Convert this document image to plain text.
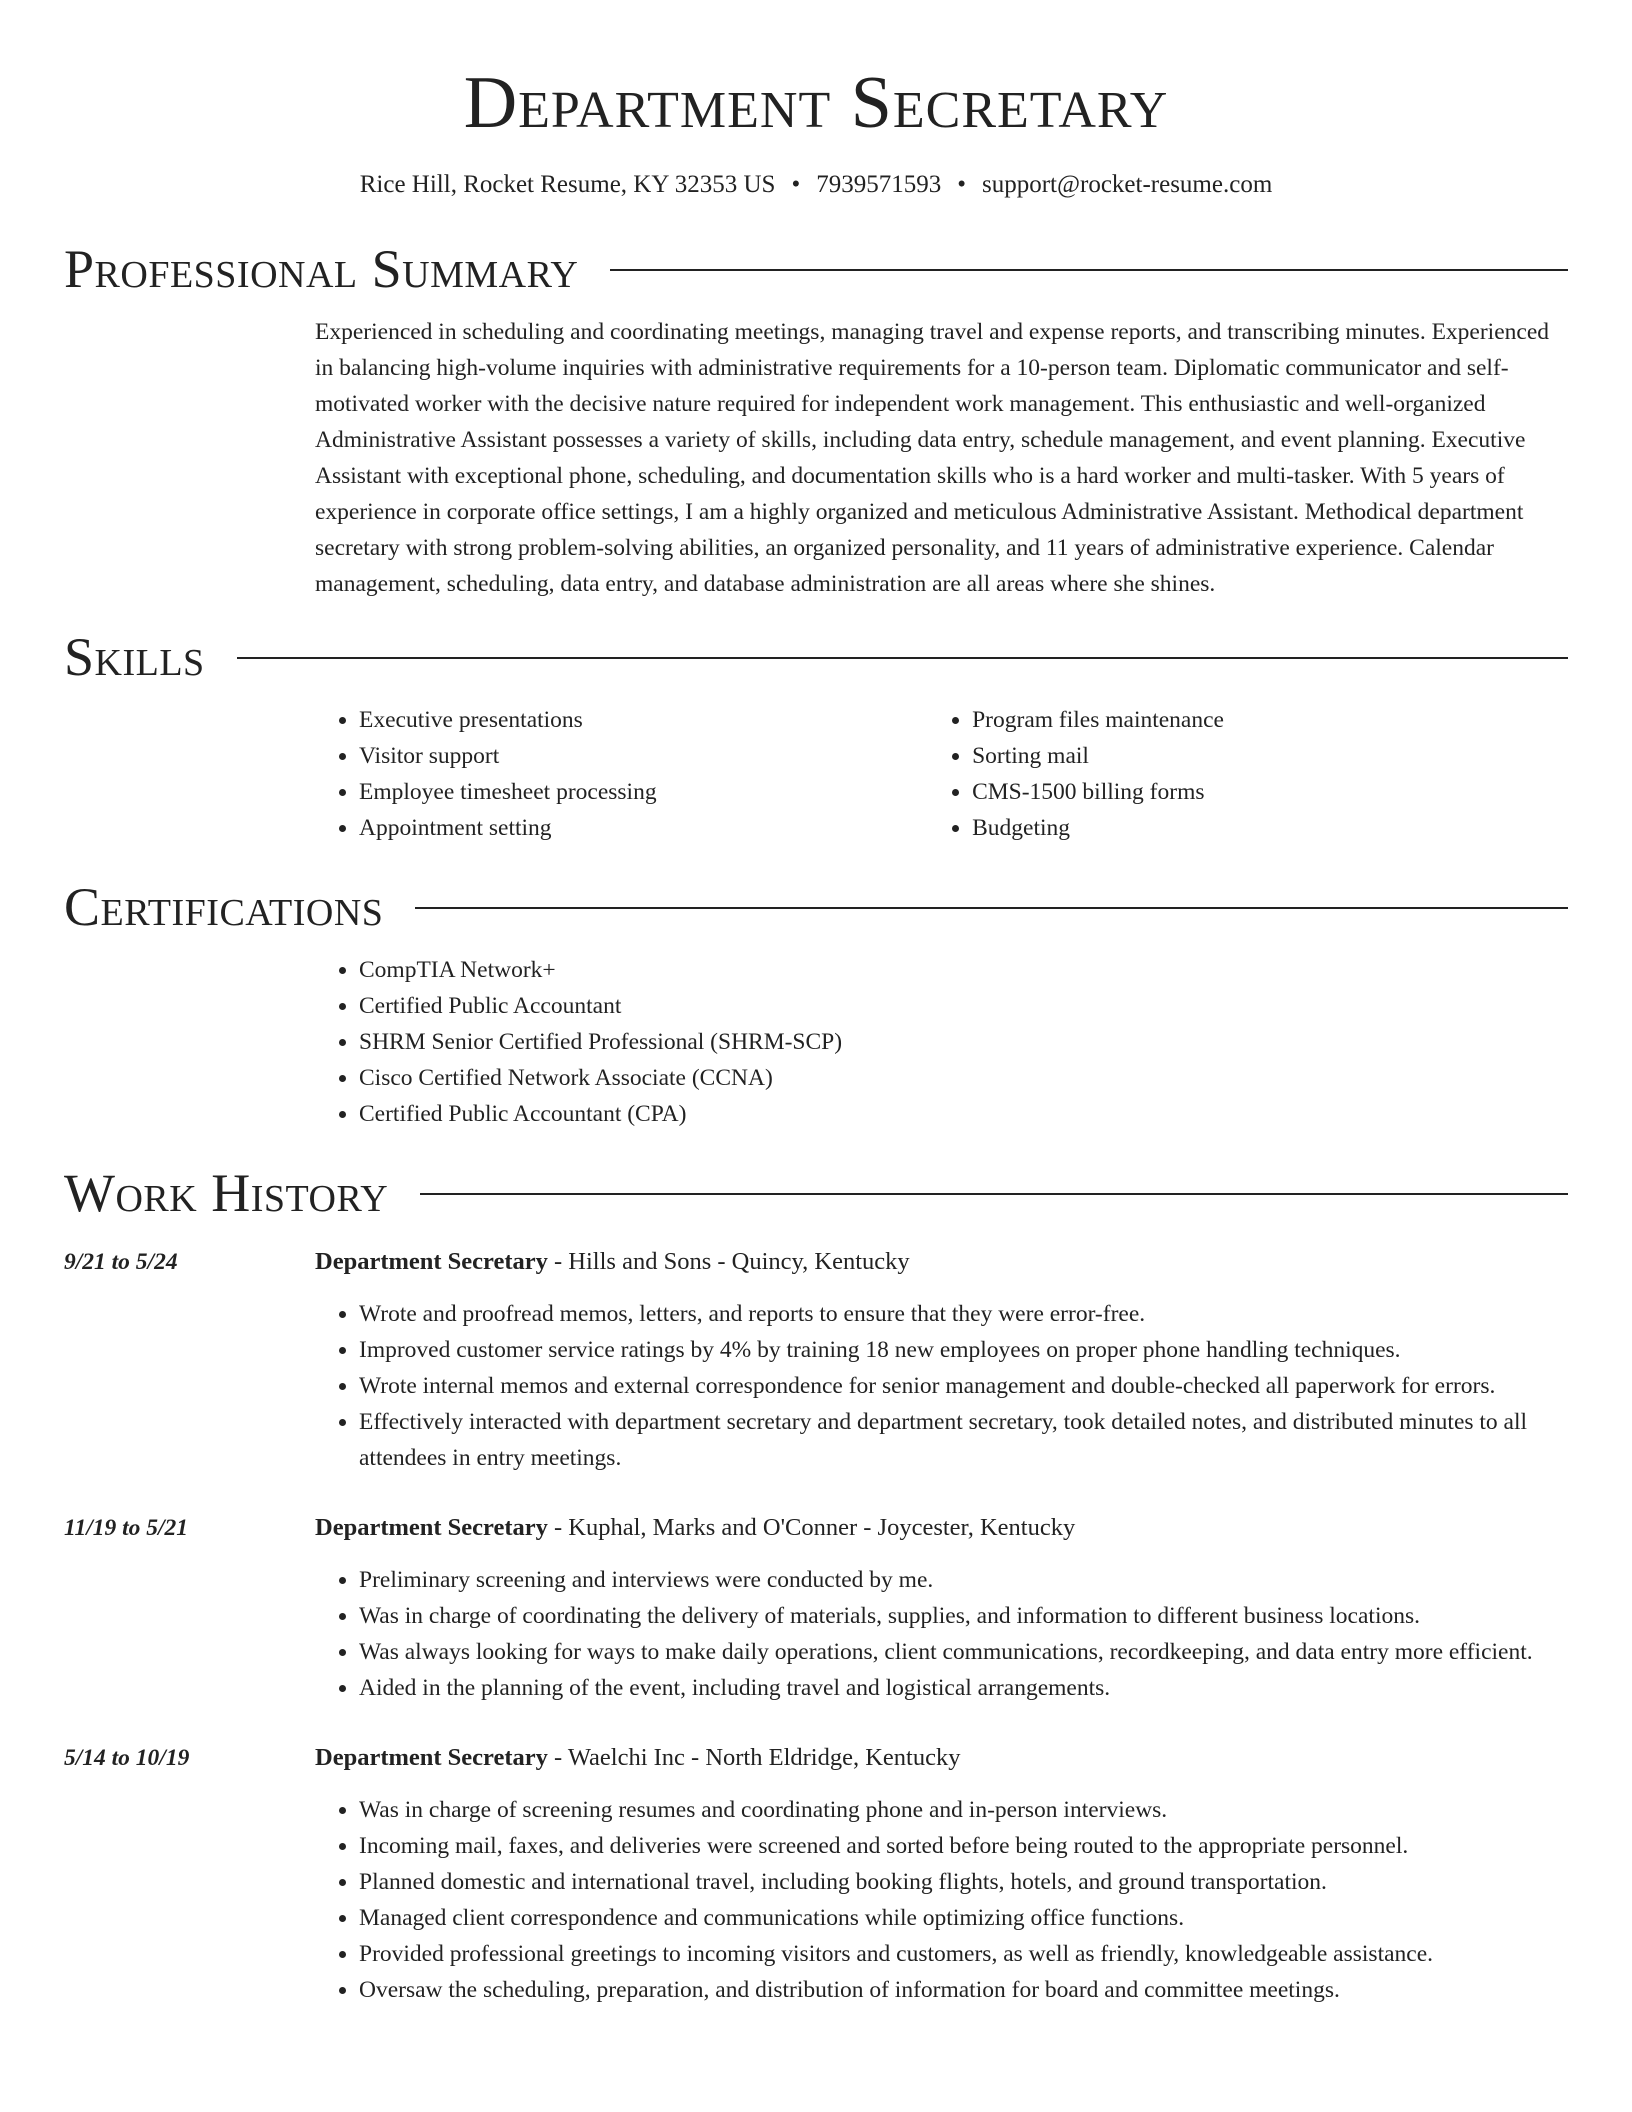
Department Secretary
Rice Hill, Rocket Resume, KY 32353 US • 7939571593 • support@rocket-resume.com
Professional Summary
Experienced in scheduling and coordinating meetings, managing travel and expense reports, and transcribing minutes. Experienced in balancing high-volume inquiries with administrative requirements for a 10-person team. Diplomatic communicator and self-motivated worker with the decisive nature required for independent work management. This enthusiastic and well-organized Administrative Assistant possesses a variety of skills, including data entry, schedule management, and event planning. Executive Assistant with exceptional phone, scheduling, and documentation skills who is a hard worker and multi-tasker. With 5 years of experience in corporate office settings, I am a highly organized and meticulous Administrative Assistant. Methodical department secretary with strong problem-solving abilities, an organized personality, and 11 years of administrative experience. Calendar management, scheduling, data entry, and database administration are all areas where she shines.
Skills
• Executive presentations
• Visitor support
• Employee timesheet processing
• Appointment setting
• Program files maintenance
• Sorting mail
• CMS-1500 billing forms
• Budgeting
Certifications
• CompTIA Network+
• Certified Public Accountant
• SHRM Senior Certified Professional (SHRM-SCP)
• Cisco Certified Network Associate (CCNA)
• Certified Public Accountant (CPA)
Work History
9/21 to 5/24	Department Secretary - Hills and Sons - Quincy, Kentucky
• Wrote and proofread memos, letters, and reports to ensure that they were error-free.
• Improved customer service ratings by 4% by training 18 new employees on proper phone handling techniques.
• Wrote internal memos and external correspondence for senior management and double-checked all paperwork for errors.
• Effectively interacted with department secretary and department secretary, took detailed notes, and distributed minutes to all attendees in entry meetings.
11/19 to 5/21	Department Secretary - Kuphal, Marks and O'Conner - Joycester, Kentucky
• Preliminary screening and interviews were conducted by me.
• Was in charge of coordinating the delivery of materials, supplies, and information to different business locations.
• Was always looking for ways to make daily operations, client communications, recordkeeping, and data entry more efficient.
• Aided in the planning of the event, including travel and logistical arrangements.
5/14 to 10/19	Department Secretary - Waelchi Inc - North Eldridge, Kentucky
• Was in charge of screening resumes and coordinating phone and in-person interviews.
• Incoming mail, faxes, and deliveries were screened and sorted before being routed to the appropriate personnel.
• Planned domestic and international travel, including booking flights, hotels, and ground transportation.
• Managed client correspondence and communications while optimizing office functions.
• Provided professional greetings to incoming visitors and customers, as well as friendly, knowledgeable assistance.
• Oversaw the scheduling, preparation, and distribution of information for board and committee meetings.
